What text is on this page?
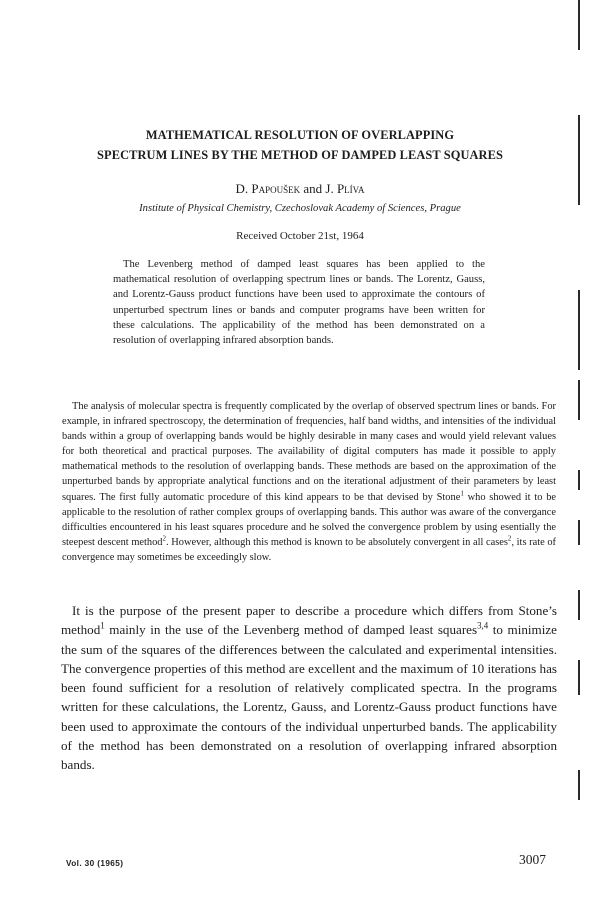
MATHEMATICAL RESOLUTION OF OVERLAPPING
SPECTRUM LINES BY THE METHOD OF DAMPED LEAST SQUARES
D. Papoušek and J. Plíva
Institute of Physical Chemistry, Czechoslovak Academy of Sciences, Prague
Received October 21st, 1964
The Levenberg method of damped least squares has been applied to the mathematical resolution of overlapping spectrum lines or bands. The Lorentz, Gauss, and Lorentz-Gauss product functions have been used to approximate the contours of unperturbed spectrum lines or bands and computer programs have been written for these calculations. The applicability of the method has been demonstrated on a resolution of overlapping infrared absorption bands.
The analysis of molecular spectra is frequently complicated by the overlap of observed spectrum lines or bands. For example, in infrared spectroscopy, the determination of frequencies, half band widths, and intensities of the individual bands within a group of overlapping bands would be highly desirable in many cases and would yield relevant values for both theoretical and practical purposes. The availability of digital computers has made it possible to apply mathematical methods to the resolution of overlapping bands. These methods are based on the approximation of the unperturbed bands by appropriate analytical functions and on the iterational adjustment of their parameters by least squares. The first fully automatic procedure of this kind appears to be that devised by Stone$^1$ who showed it to be applicable to the resolution of rather complex groups of overlapping bands. This author was aware of the convergance difficulties encountered in his least squares procedure and he solved the convergence problem by using esentially the steepest descent method$^2$. However, although this method is known to be absolutely convergent in all cases$^2$, its rate of convergence may sometimes be exceedingly slow.
It is the purpose of the present paper to describe a procedure which differs from Stone’s method$^1$ mainly in the use of the Levenberg method of damped least squares$^{3,4}$ to minimize the sum of the squares of the differences between the calculated and experimental intensities. The convergence properties of this method are excellent and the maximum of 10 iterations has been found sufficient for a resolution of relatively complicated spectra. In the programs written for these calculations, the Lorentz, Gauss, and Lorentz-Gauss product functions have been used to approximate the contours of the individual unperturbed bands. The applicability of the method has been demonstrated on a resolution of overlapping infrared absorption bands.
Vol. 30 (1965)	3007
